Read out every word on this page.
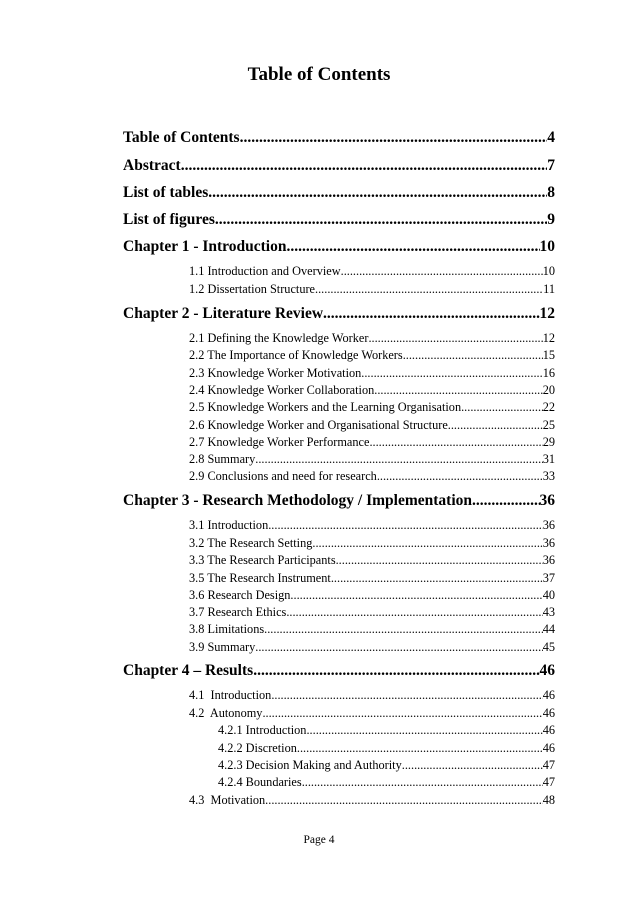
Table of Contents
Table of Contents .....	4
Abstract .....	7
List of tables .....	8
List of figures .....	9
Chapter 1 - Introduction .....	10
1.1 Introduction and Overview .....	10
1.2 Dissertation Structure .....	11
Chapter 2 - Literature Review .....	12
2.1 Defining the Knowledge Worker .....	12
2.2 The Importance of Knowledge Workers .....	15
2.3 Knowledge Worker Motivation .....	16
2.4 Knowledge Worker Collaboration .....	20
2.5 Knowledge Workers and the Learning Organisation .....	22
2.6 Knowledge Worker and Organisational Structure .....	25
2.7 Knowledge Worker Performance .....	29
2.8 Summary .....	31
2.9 Conclusions and need for research .....	33
Chapter 3 - Research Methodology / Implementation .....	36
3.1 Introduction .....	36
3.2 The Research Setting .....	36
3.3 The Research Participants .....	36
3.5 The Research Instrument .....	37
3.6 Research Design .....	40
3.7 Research Ethics .....	43
3.8 Limitations .....	44
3.9 Summary .....	45
Chapter 4 – Results .....	46
4.1  Introduction .....	46
4.2  Autonomy .....	46
4.2.1 Introduction .....	46
4.2.2 Discretion .....	46
4.2.3 Decision Making and Authority .....	47
4.2.4 Boundaries .....	47
4.3  Motivation .....	48
Page 4
